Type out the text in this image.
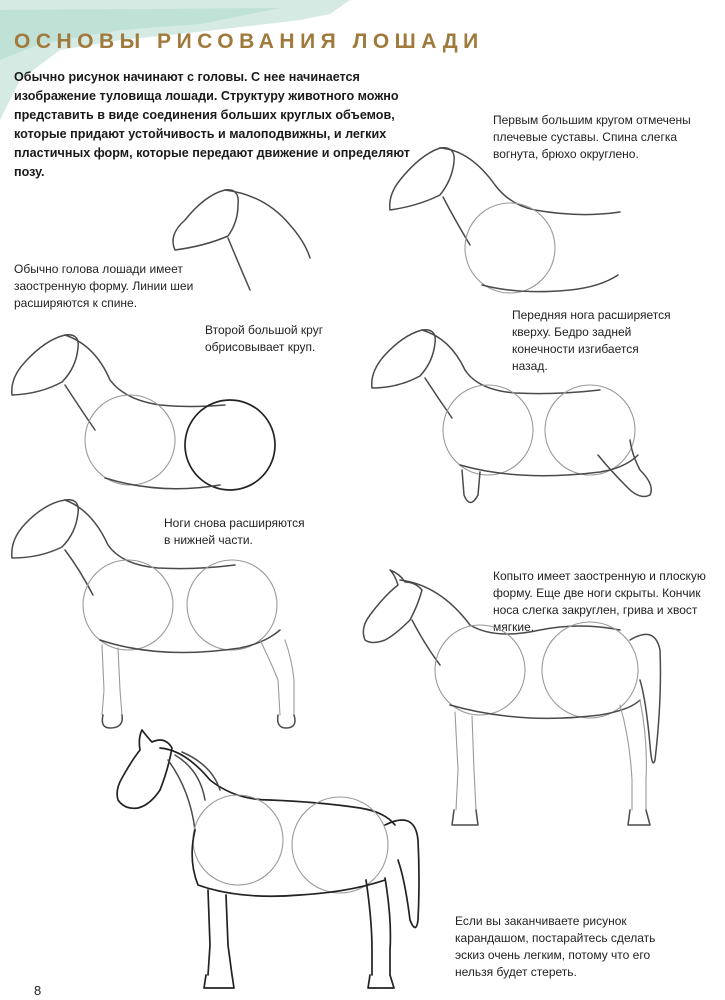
ОСНОВЫ РИСОВАНИЯ ЛОШАДИ
Обычно рисунок начинают с головы. С нее начинается изображение туловища лошади. Структуру животного можно представить в виде соединения больших круглых объемов, которые придают устойчивость и малоподвижны, и легких пластичных форм, которые передают движение и определяют позу.
Обычно голова лошади имеет заостренную форму. Линии шеи расширяются к спине.
Первым большим кругом отмечены плечевые суставы. Спина слегка вогнута, брюхо округлено.
Второй большой круг обрисовывает круп.
Передняя нога расширяется кверху. Бедро задней конечности изгибается назад.
Ноги снова расширяются в нижней части.
Копыто имеет заостренную и плоскую форму. Еще две ноги скрыты. Кончик носа слегка закруглен, грива и хвост мягкие.
Если вы заканчиваете рисунок карандашом, постарайтесь сделать эскиз очень легким, потому что его нельзя будет стереть.
8
